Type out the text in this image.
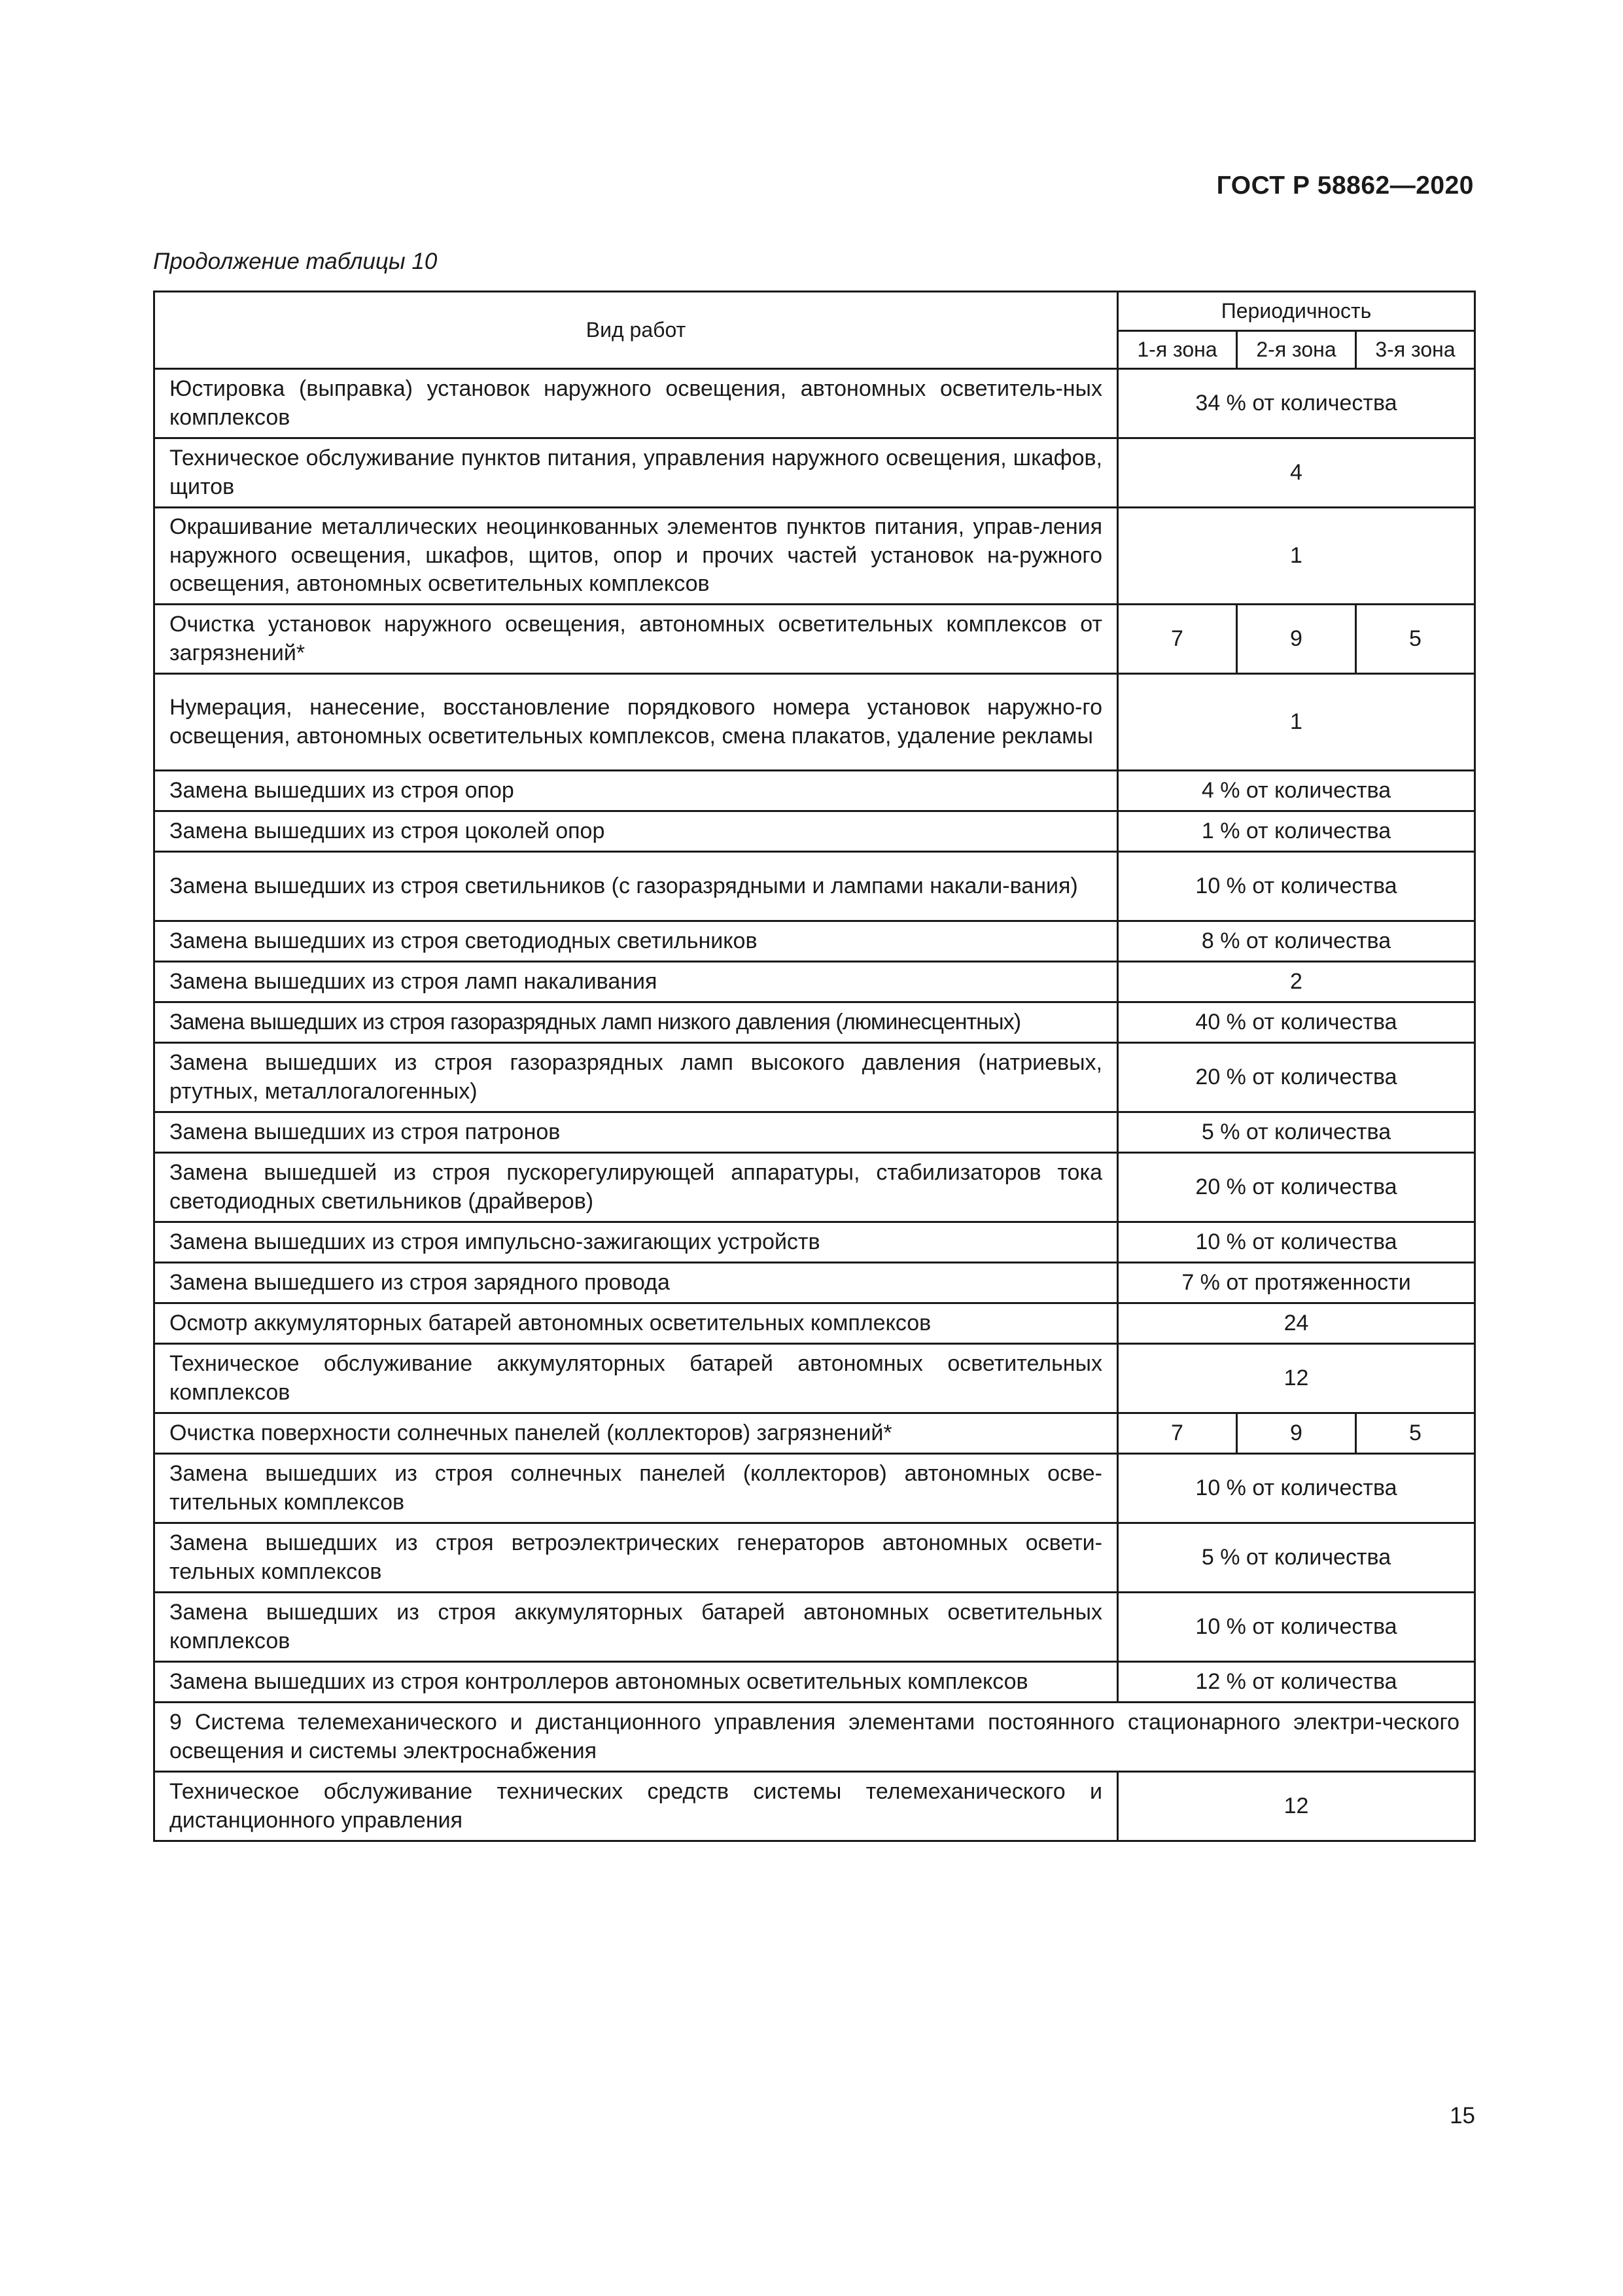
ГОСТ Р 58862—2020
Продолжение таблицы 10
Вид работ	Периодичность		
	1-я зона	2-я зона	3-я зона
Юстировка (выправка) установок наружного освещения, автономных осветитель-ных комплексов	34 % от количества		
Техническое обслуживание пунктов питания, управления наружного освещения, шкафов, щитов	4		
Окрашивание металлических неоцинкованных элементов пунктов питания, управ-ления наружного освещения, шкафов, щитов, опор и прочих частей установок на-ружного освещения, автономных осветительных комплексов	1		
Очистка установок наружного освещения, автономных осветительных комплексов от загрязнений*	7	9	5
Нумерация, нанесение, восстановление порядкового номера установок наружно-го освещения, автономных осветительных комплексов, смена плакатов, удаление рекламы	1		
Замена вышедших из строя опор	4 % от количества		
Замена вышедших из строя цоколей опор	1 % от количества		
Замена вышедших из строя светильников (с газоразрядными и лампами накали-вания)	10 % от количества		
Замена вышедших из строя светодиодных светильников	8 % от количества		
Замена вышедших из строя ламп накаливания	2		
Замена вышедших из строя газоразрядных ламп низкого давления (люминесцентных)	40 % от количества		
Замена вышедших из строя газоразрядных ламп высокого давления (натриевых, ртутных, металлогалогенных)	20 % от количества		
Замена вышедших из строя патронов	5 % от количества		
Замена вышедшей из строя пускорегулирующей аппаратуры, стабилизаторов тока светодиодных светильников (драйверов)	20 % от количества		
Замена вышедших из строя импульсно-зажигающих устройств	10 % от количества		
Замена вышедшего из строя зарядного провода	7 % от протяженности		
Осмотр аккумуляторных батарей автономных осветительных комплексов	24		
Техническое обслуживание аккумуляторных батарей автономных осветительных комплексов	12		
Очистка поверхности солнечных панелей (коллекторов) загрязнений*	7	9	5
Замена вышедших из строя солнечных панелей (коллекторов) автономных осве-тительных комплексов	10 % от количества		
Замена вышедших из строя ветроэлектрических генераторов автономных освети-тельных комплексов	5 % от количества		
Замена вышедших из строя аккумуляторных батарей автономных осветительных комплексов	10 % от количества		
Замена вышедших из строя контроллеров автономных осветительных комплексов	12 % от количества		
9 Система телемеханического и дистанционного управления элементами постоянного стационарного электри-ческого освещения и системы электроснабжения			
Техническое обслуживание технических средств системы телемеханического и дистанционного управления	12		
15
